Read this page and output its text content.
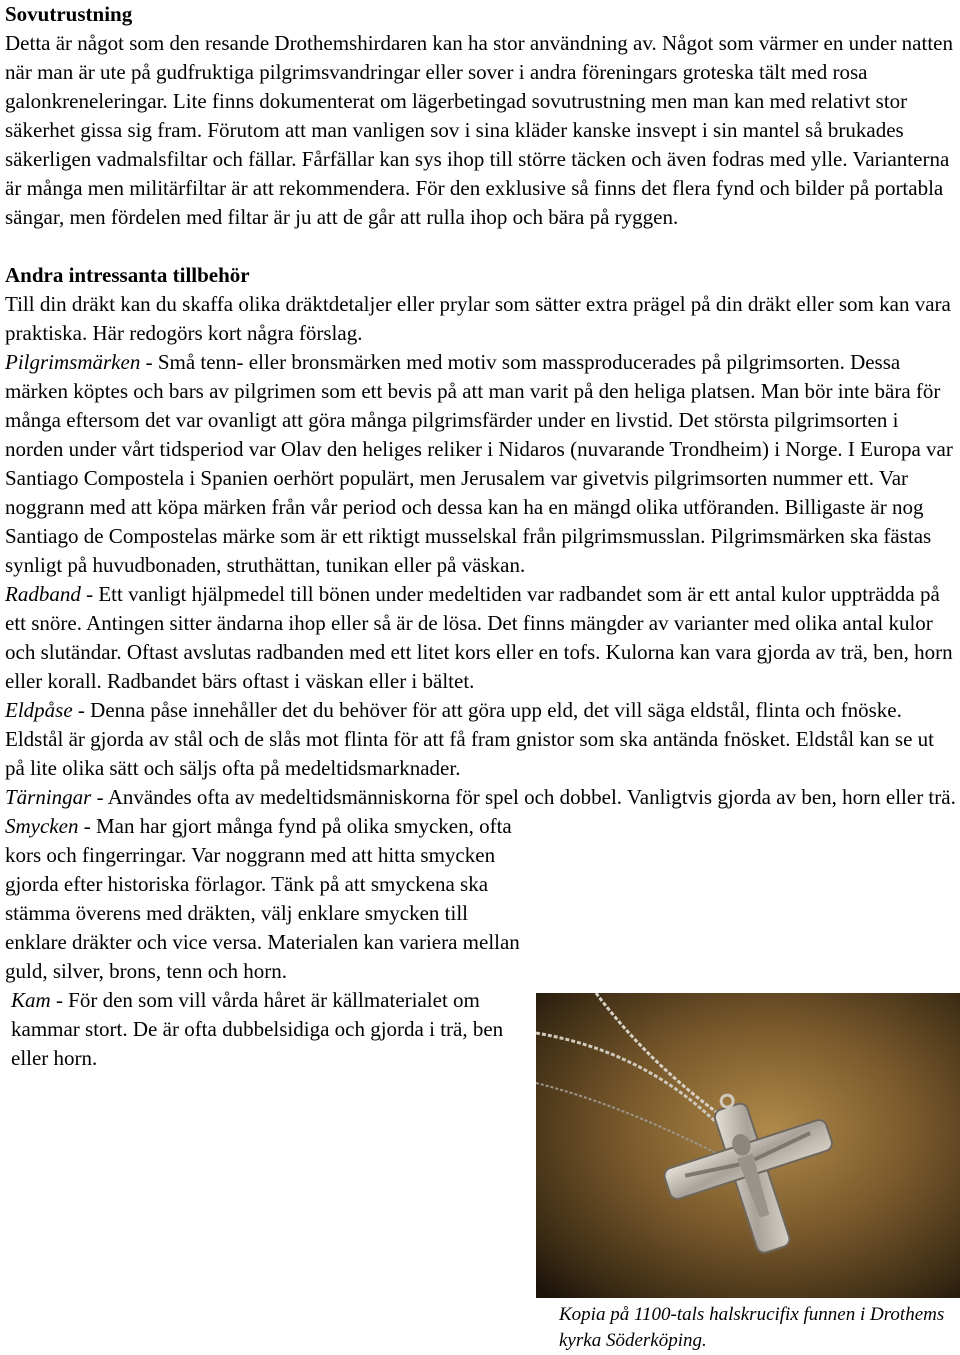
Sovutrustning

Detta är något som den resande Drothemshirdaren kan ha stor användning av. Något som värmer en under natten när man är ute på gudfruktiga pilgrimsvandringar eller sover i andra föreningars groteska tält med rosa galonkreneleringar. Lite finns dokumenterat om lägerbetingad sovutrustning men man kan med relativt stor säkerhet gissa sig fram. Förutom att man vanligen sov i sina kläder kanske insvept i sin mantel så brukades säkerligen vadmalsfiltar och fällar. Fårfällar kan sys ihop till större täcken och även fodras med ylle. Varianterna är många men militärfiltar är att rekommendera. För den exklusive så finns det flera fynd och bilder på portabla sängar, men fördelen med filtar är ju att de går att rulla ihop och bära på ryggen.

Andra intressanta tillbehör

Till din dräkt kan du skaffa olika dräktdetaljer eller prylar som sätter extra prägel på din dräkt eller som kan vara praktiska. Här redogörs kort några förslag.

Pilgrimsmärken - Små tenn- eller bronsmärken med motiv som massproducerades på pilgrimsorten. Dessa märken köptes och bars av pilgrimen som ett bevis på att man varit på den heliga platsen. Man bör inte bära för många eftersom det var ovanligt att göra många pilgrimsfärder under en livstid. Det största pilgrimsorten i norden under vårt tidsperiod var Olav den heliges reliker i Nidaros (nuvarande Trondheim) i Norge. I Europa var Santiago Compostela i Spanien oerhört populärt, men Jerusalem var givetvis pilgrimsorten nummer ett. Var noggrann med att köpa märken från vår period och dessa kan ha en mängd olika utföranden. Billigaste är nog Santiago de Compostelas märke som är ett riktigt musselskal från pilgrimsmusslan. Pilgrimsmärken ska fästas synligt på huvudbonaden, struthättan, tunikan eller på väskan.

Radband - Ett vanligt hjälpmedel till bönen under medeltiden var radbandet som är ett antal kulor uppträdda på ett snöre. Antingen sitter ändarna ihop eller så är de lösa. Det finns mängder av varianter med olika antal kulor och slutändar. Oftast avslutas radbanden med ett litet kors eller en tofs. Kulorna kan vara gjorda av trä, ben, horn eller korall. Radbandet bärs oftast i väskan eller i bältet.

Eldpåse - Denna påse innehåller det du behöver för att göra upp eld, det vill säga eldstål, flinta och fnöske. Eldstål är gjorda av stål och de slås mot flinta för att få fram gnistor som ska antända fnösket. Eldstål kan se ut på lite olika sätt och säljs ofta på medeltidsmarknader.

Tärningar - Användes ofta av medeltidsmänniskorna för spel och dobbel. Vanligtvis gjorda av ben, horn eller trä.

Smycken - Man har gjort många fynd på olika smycken, ofta kors och fingerringar. Var noggrann med att hitta smycken gjorda efter historiska förlagor. Tänk på att smyckena ska stämma överens med dräkten, välj enklare smycken till enklare dräkter och vice versa. Materialen kan variera mellan guld, silver, brons, tenn och horn.

Kam - För den som vill vårda håret är källmaterialet om kammar stort. De är ofta dubbelsidiga och gjorda i trä, ben eller horn.

Kopia på 1100-tals halskrucifix funnen i Drothems kyrka Söderköping.
